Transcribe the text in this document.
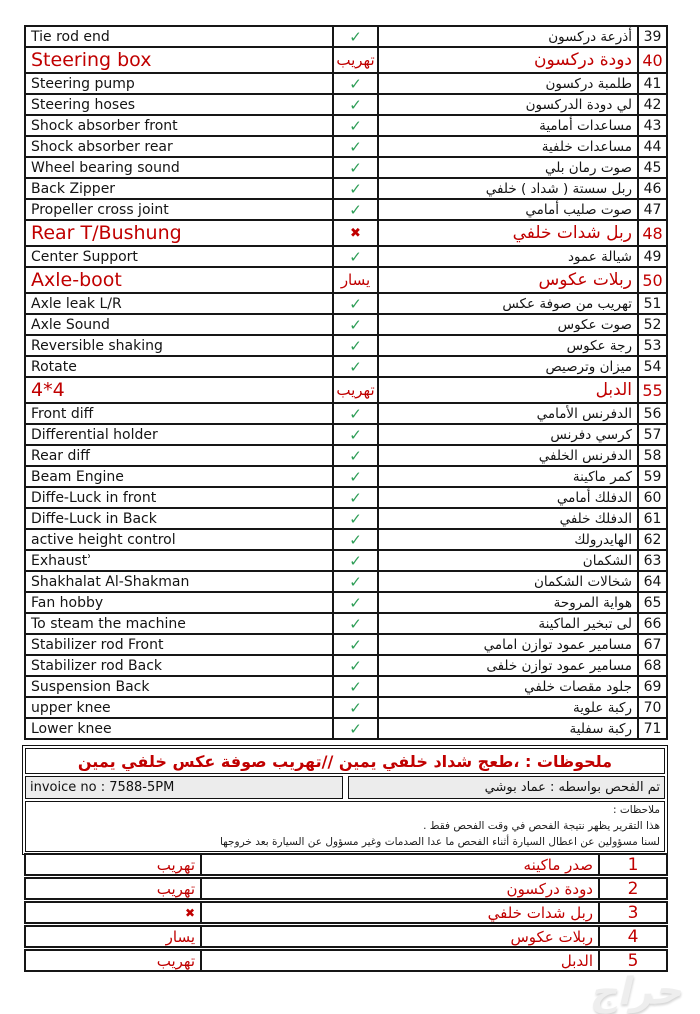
Tie rod end	✓	أذرعة دركسون 39
Steering box	تهريب	دودة دركسون 40
Steering pump	✓	طلمبة دركسون 41
Steering hoses	✓	لي دودة الدركسون 42
Shock absorber front	✓	مساعدات أمامية 43
Shock absorber rear	✓	مساعدات خلفية 44
Wheel bearing sound	✓	صوت رمان بلي 45
Back Zipper	✓	ربل سستة ( شداد ) خلفي 46
Propeller cross joint	✓	صوت صليب أمامي 47
Rear T/Bushung	✖	ربل شدات خلفي 48
Center Support	✓	شيالة عمود 49
Axle-boot	يسار	ربلات عكوس 50
Axle leak L/R	✓	تهريب من صوفة عكس 51
Axle Sound	✓	صوت عكوس 52
Reversible shaking	✓	رجة عكوس 53
Rotate	✓	ميزان وترصيص 54
4*4	تهريب	الدبل 55
Front diff	✓	الدفرنس الأمامي 56
Differential holder	✓	كرسي دفرنس 57
Rear diff	✓	الدفرنس الخلفي 58
Beam Engine	✓	كمر ماكينة 59
Diffe-Luck in front	✓	الدفلك أمامي 60
Diffe-Luck in Back	✓	الدفلك خلفي 61
active height control	✓	الهايدرولك 62
Exhaustʾ	✓	الشكمان 63
Shakhalat Al-Shakman	✓	شخالات الشكمان 64
Fan hobby	✓	هواية المروحة 65
To steam the machine	✓	لى تبخير الماكينة 66
Stabilizer rod Front	✓	مسامير عمود توازن امامي 67
Stabilizer rod Back	✓	مسامير عمود توازن خلفى 68
Suspension Back	✓	جلود مقصات خلفي 69
upper knee	✓	ركبة علوية 70
Lower knee	✓	ركبة سفلية 71
ملحوظات : ،طعج شداد خلفي يمين //تهريب صوفة عكس خلفي يمين
invoice no : 7588-5PM	تم الفحص بواسطه : عماد بوشي
ملاحظات :
هذا التقرير يظهر نتيجة الفحص في وقت الفحص فقط .
لسنا مسؤولين عن اعطال السيارة أثناء الفحص ما عدا الصدمات وغير مسؤول عن السيارة بعد خروجها
تهريب	صدر ماكينه	1
تهريب	دودة دركسون	2
✖	ربل شدات خلفي	3
يسار	ربلات عكوس	4
تهريب	الدبل	5
حراج
